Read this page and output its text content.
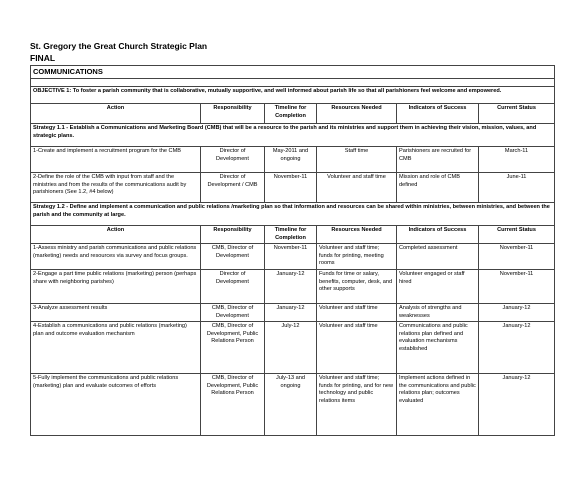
St. Gregory the Great Church Strategic Plan
FINAL
COMMUNICATIONS					

OBJECTIVE 1: To foster a parish community that is collaborative, mutually supportive, and well informed about parish life so that all parishioners feel welcome and empowered.					
Action	Responsibility	Timeline for Completion	Resources Needed	Indicators of Success	Current Status
Strategy 1.1 - Establish a Communications and Marketing Board (CMB) that will be a resource to the parish and its ministries and support them in achieving their vision, mission, values, and strategic plans.					
1-Create and implement a recruitment program for the CMB	Director of Development	May-2011 and ongoing	Staff time	Parishioners are recruited for CMB	March-11
2-Define the role of the CMB with input from staff and the ministries and from the results of the communications audit by parishioners (See 1.2, #4 below)	Director of Development / CMB	November-11	Volunteer and staff time	Mission and role of CMB defined	June-11
Strategy 1.2 - Define and implement a communication and public relations /marketing plan so that information and resources can be shared within ministries, between ministries, and between the parish and the community at large.					
Action	Responsibility	Timeline for Completion	Resources Needed	Indicators of Success	Current Status
1-Assess ministry and parish communications and public relations (marketing) needs and resources via survey and focus groups.	CMB, Director of Development	November-11	Volunteer and staff time; funds for printing, meeting rooms	Completed assessment	November-11
2-Engage a part time public relations (marketing) person (perhaps share with neighboring parishes)	Director of Development	January-12	Funds for time or salary, benefits, computer, desk, and other supports	Volunteer engaged or staff hired	November-11
3-Analyze assessment results	CMB, Director of Development	January-12	Volunteer and staff time	Analysis of strengths and weaknesses	January-12
4-Establish a communications and public relations (marketing) plan and outcome evaluation mechanism	CMB, Director of Development, Public Relations Person	July-12	Volunteer and staff time	Communications and public relations plan defined and evaluation mechanisms established	January-12
5-Fully implement the communications and public relations (marketing) plan and evaluate outcomes of efforts	CMB, Director of Development, Public Relations Person	July-13 and ongoing	Volunteer and staff time; funds for printing, and for new technology and public relations items	Implement actions defined in the communications and public relations plan; outcomes evaluated	January-12
